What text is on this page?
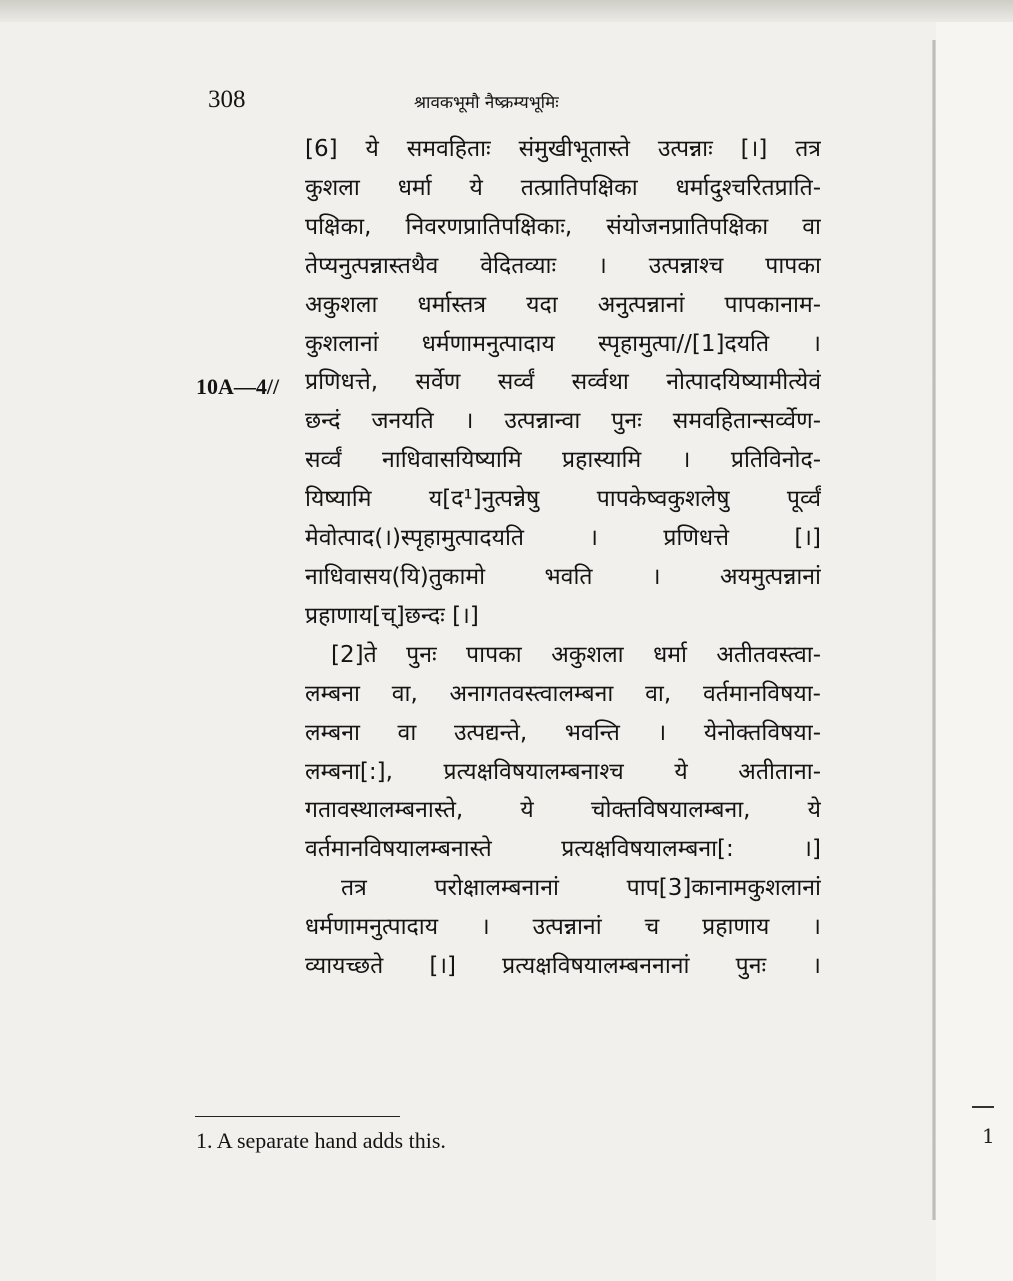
1
308	श्रावकभूमौ नैष्क्रम्यभूमिः
10A—4//
[6] ये समवहिताः संमुखीभूतास्ते उत्पन्नाः [।] तत्र
कुशला धर्मा ये तत्प्रातिपक्षिका धर्मादुश्चरितप्राति-
पक्षिका, निवरणप्रातिपक्षिकाः, संयोजनप्रातिपक्षिका वा
तेप्यनुत्पन्नास्तथैव वेदितव्याः । उत्पन्नाश्च पापका
अकुशला धर्मास्तत्र यदा अनुत्पन्नानां पापकानाम-
कुशलानां धर्मणामनुत्पादाय स्पृहामुत्पा//[1]दयति ।
प्रणिधत्ते, सर्वेण सर्व्वं सर्व्वथा नोत्पादयिष्यामीत्येवं
छन्दं जनयति । उत्पन्नान्वा पुनः समवहितान्सर्व्वेण-
सर्व्वं नाधिवासयिष्यामि प्रहास्यामि । प्रतिविनोद-
यिष्यामि य[द¹]नुत्पन्नेषु पापकेष्वकुशलेषु पूर्व्वं
मेवोत्पाद(।)स्पृहामुत्पादयति । प्रणिधत्ते [।]
नाधिवासय(यि)तुकामो भवति । अयमुत्पन्नानां
प्रहाणाय[च्]छन्दः [।]
[2]ते पुनः पापका अकुशला धर्मा अतीतवस्त्वा-
लम्बना वा, अनागतवस्त्वालम्बना वा, वर्तमानविषया-
लम्बना वा उत्पद्यन्ते, भवन्ति । येनोक्तविषया-
लम्बना[:], प्रत्यक्षविषयालम्बनाश्च ये अतीताना-
गतावस्थालम्बनास्ते, ये चोक्तविषयालम्बना, ये
वर्तमानविषयालम्बनास्ते प्रत्यक्षविषयालम्बना[: ।]
तत्र परोक्षालम्बनानां पाप[3]कानामकुशलानां
धर्मणामनुत्पादाय । उत्पन्नानां च प्रहाणाय ।
व्यायच्छते [।] प्रत्यक्षविषयालम्बननानां पुनः ।
1. A separate hand adds this.
